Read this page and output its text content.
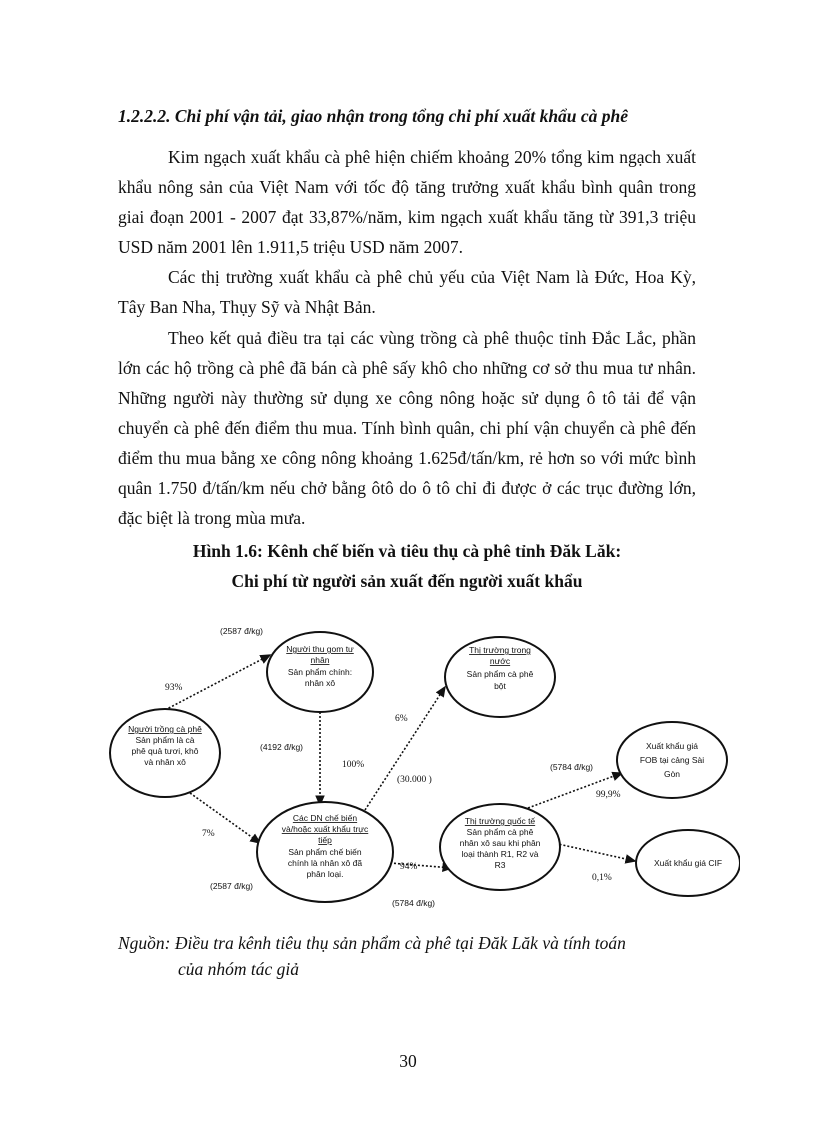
1.2.2.2. Chi phí vận tải, giao nhận trong tổng chi phí xuất khẩu cà phê

Kim ngạch xuất khẩu cà phê hiện chiếm khoảng 20% tổng kim ngạch xuất khẩu nông sản của Việt Nam với tốc độ tăng trưởng xuất khẩu bình quân trong giai đoạn 2001 - 2007 đạt 33,87%/năm, kim ngạch xuất khẩu tăng từ 391,3 triệu USD năm 2001 lên 1.911,5 triệu USD năm 2007.

Các thị trường xuất khẩu cà phê chủ yếu của Việt Nam là Đức, Hoa Kỳ, Tây Ban Nha, Thụy Sỹ và Nhật Bản.

Theo kết quả điều tra tại các vùng trồng cà phê thuộc tỉnh Đắc Lắc, phần lớn các hộ trồng cà phê đã bán cà phê sấy khô cho những cơ sở thu mua tư nhân. Những người này thường sử dụng xe công nông hoặc sử dụng ô tô tải để vận chuyển cà phê đến điểm thu mua. Tính bình quân, chi phí vận chuyển cà phê đến điểm thu mua bằng xe công nông khoảng 1.625đ/tấn/km, rẻ hơn so với mức bình quân 1.750 đ/tấn/km nếu chở bằng ôtô do ô tô chỉ đi được ở các trục đường lớn, đặc biệt là trong mùa mưa.

Hình 1.6: Kênh chế biến và tiêu thụ cà phê tỉnh Đăk Lăk:
Chi phí từ người sản xuất đến người xuất khẩu
Người trồng cà phê
Sản phẩm là cà
phê quả tươi, khô
và nhân xô
Người thu gom tư
nhân
Sản phẩm chính:
nhân xô
Thị trường trong
nước
Sản phẩm cà phê
bột
Các DN chế biến
và/hoặc xuất khẩu trực
tiếp
Sản phẩm chế biến
chính là nhân xô đã
phân loại.
Thị trường quốc tế
Sản phẩm cà phê
nhân xô sau khi phân
loại thành R1, R2 và
R3
Xuất khẩu giá
FOB tại cảng Sài
Gòn
Xuất khẩu giá CIF
(2587 đ/kg)
93%
(4192 đ/kg)
100%
6%
(30.000 )
7%
(2587 đ/kg)
94%
(5784 đ/kg)
(5784 đ/kg)
99,9%
0,1%
Nguồn: Điều tra kênh tiêu thụ sản phẩm cà phê tại Đăk Lăk và tính toán
của nhóm tác giả
30
